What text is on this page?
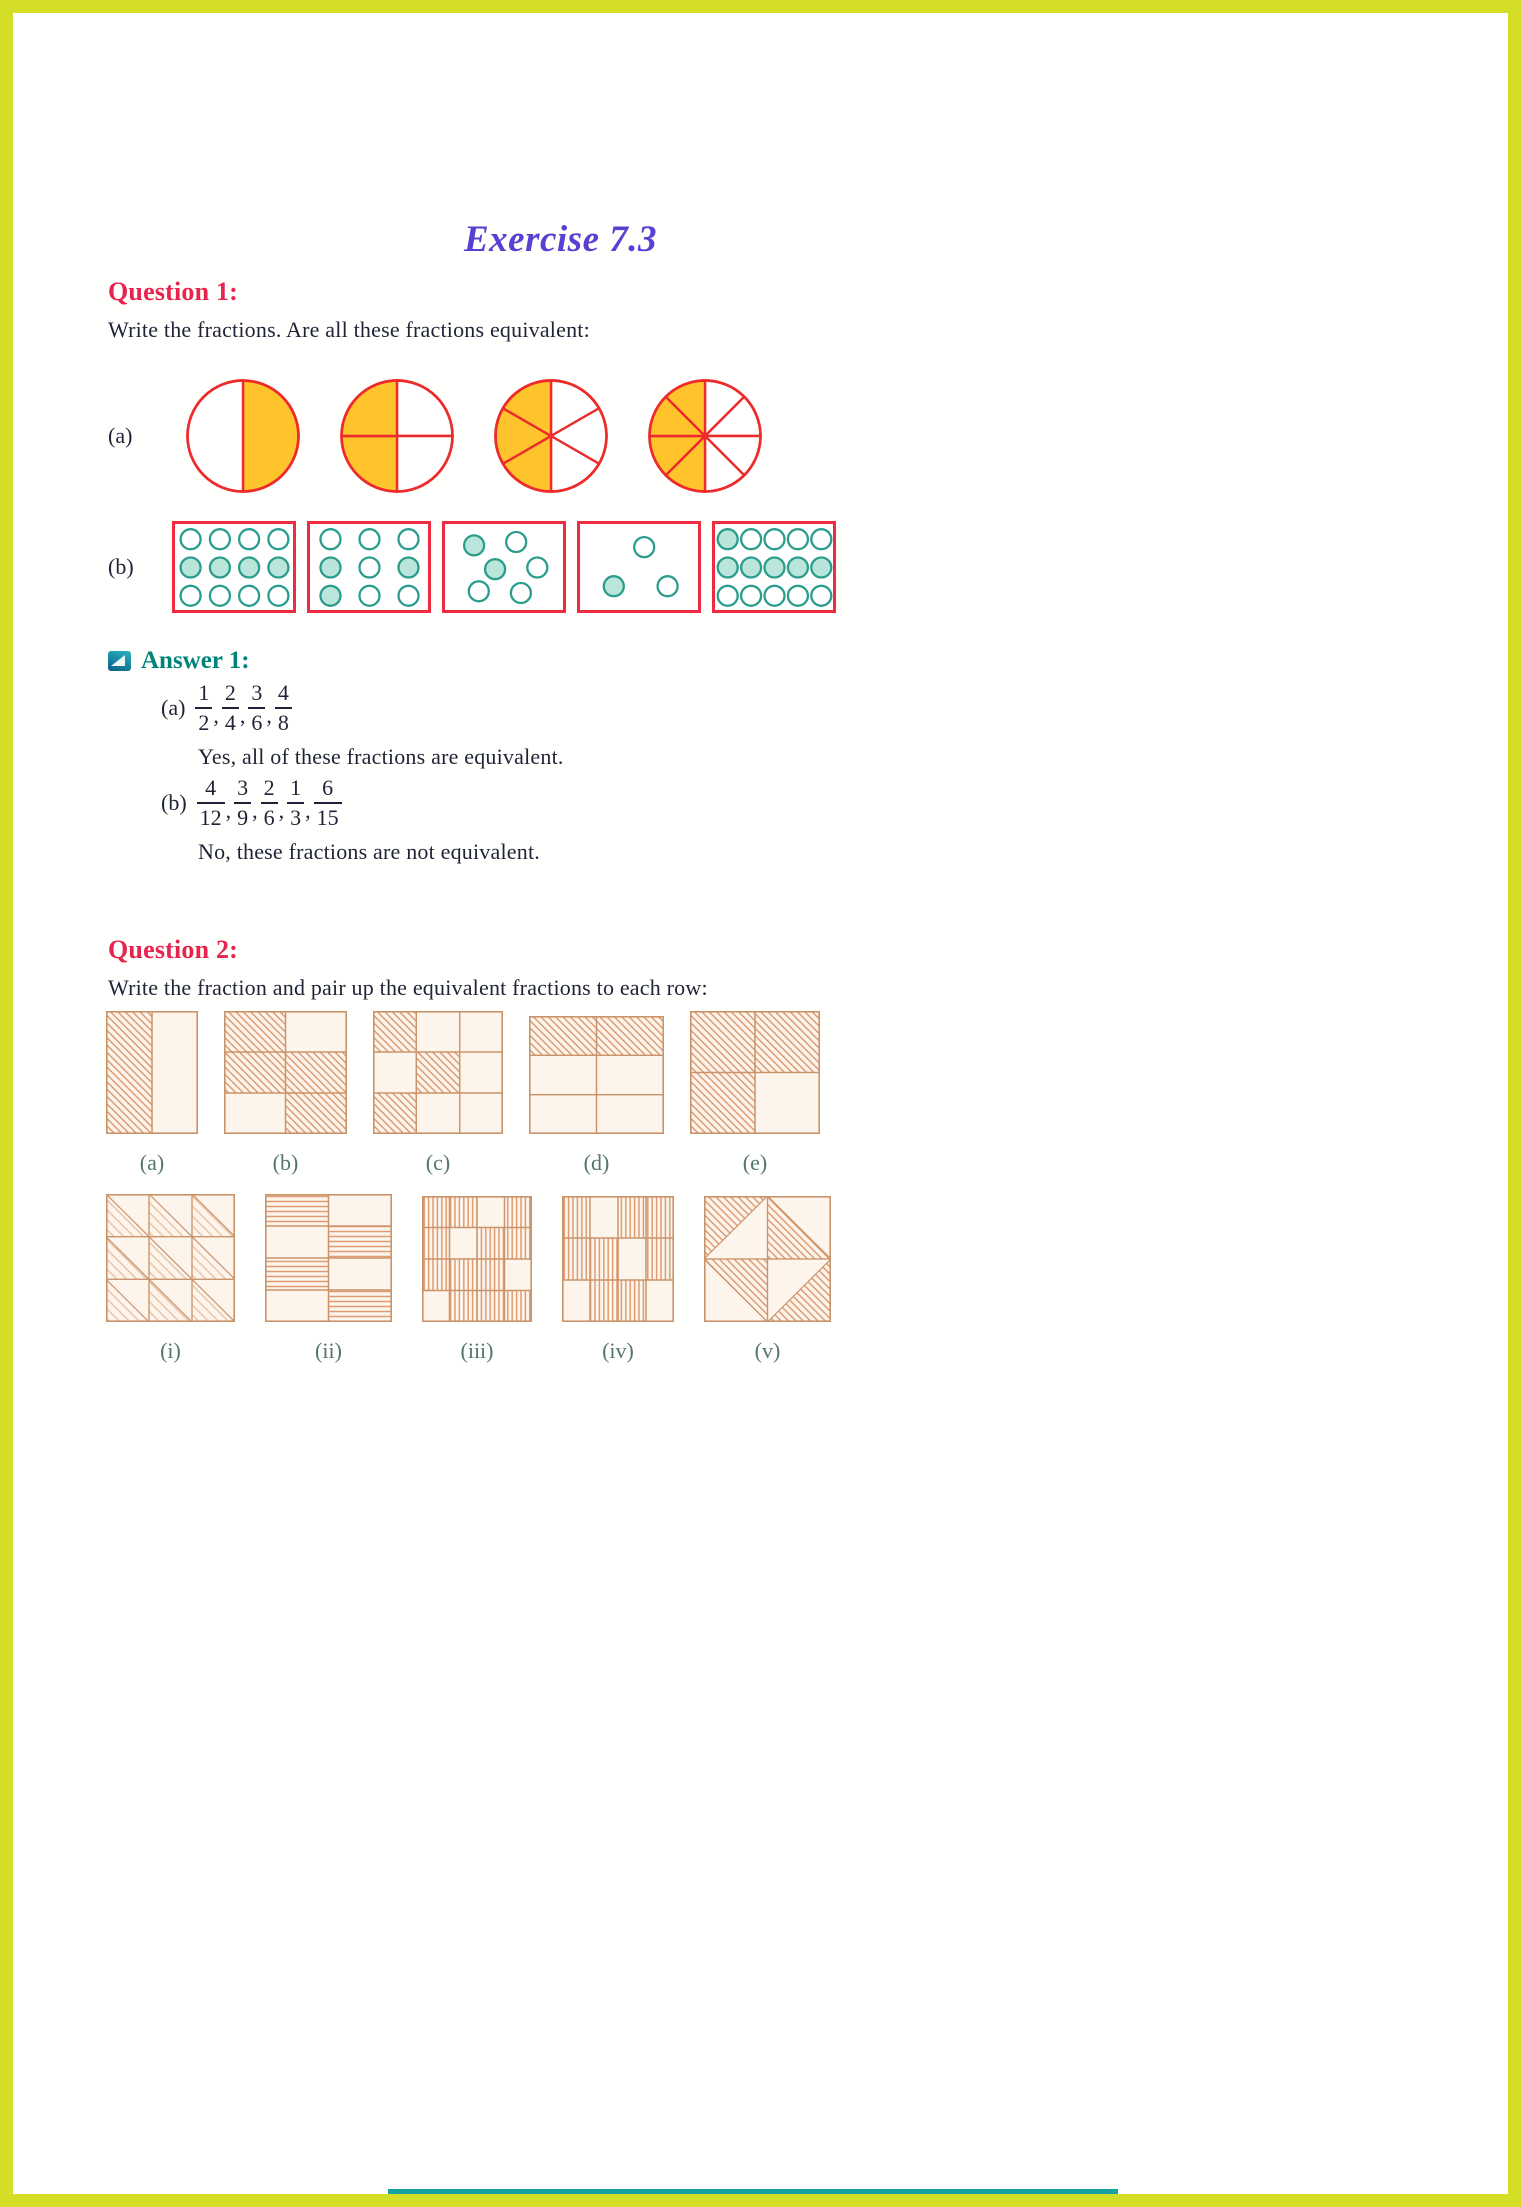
Exercise 7.3
Question 1:

Write the fractions. Are all these fractions equivalent:

(a)
(b)
Answer 1:
$(a) \frac{1}{2}$ , $\frac{2}{4}$ , $\frac{3}{6}$ , $\frac{4}{8}$

Yes, all of these fractions are equivalent.

$(b) \frac{4}{12}$ , $\frac{3}{9}$ , $\frac{2}{6}$ , $\frac{1}{3}$ , $\frac{6}{15}$

No, these fractions are not equivalent.

Question 2:

Write the fraction and pair up the equivalent fractions to each row:

(a)	(b)	(c)	(d)	(e)
(i)	(ii)	(iii)	(iv)	(v)
